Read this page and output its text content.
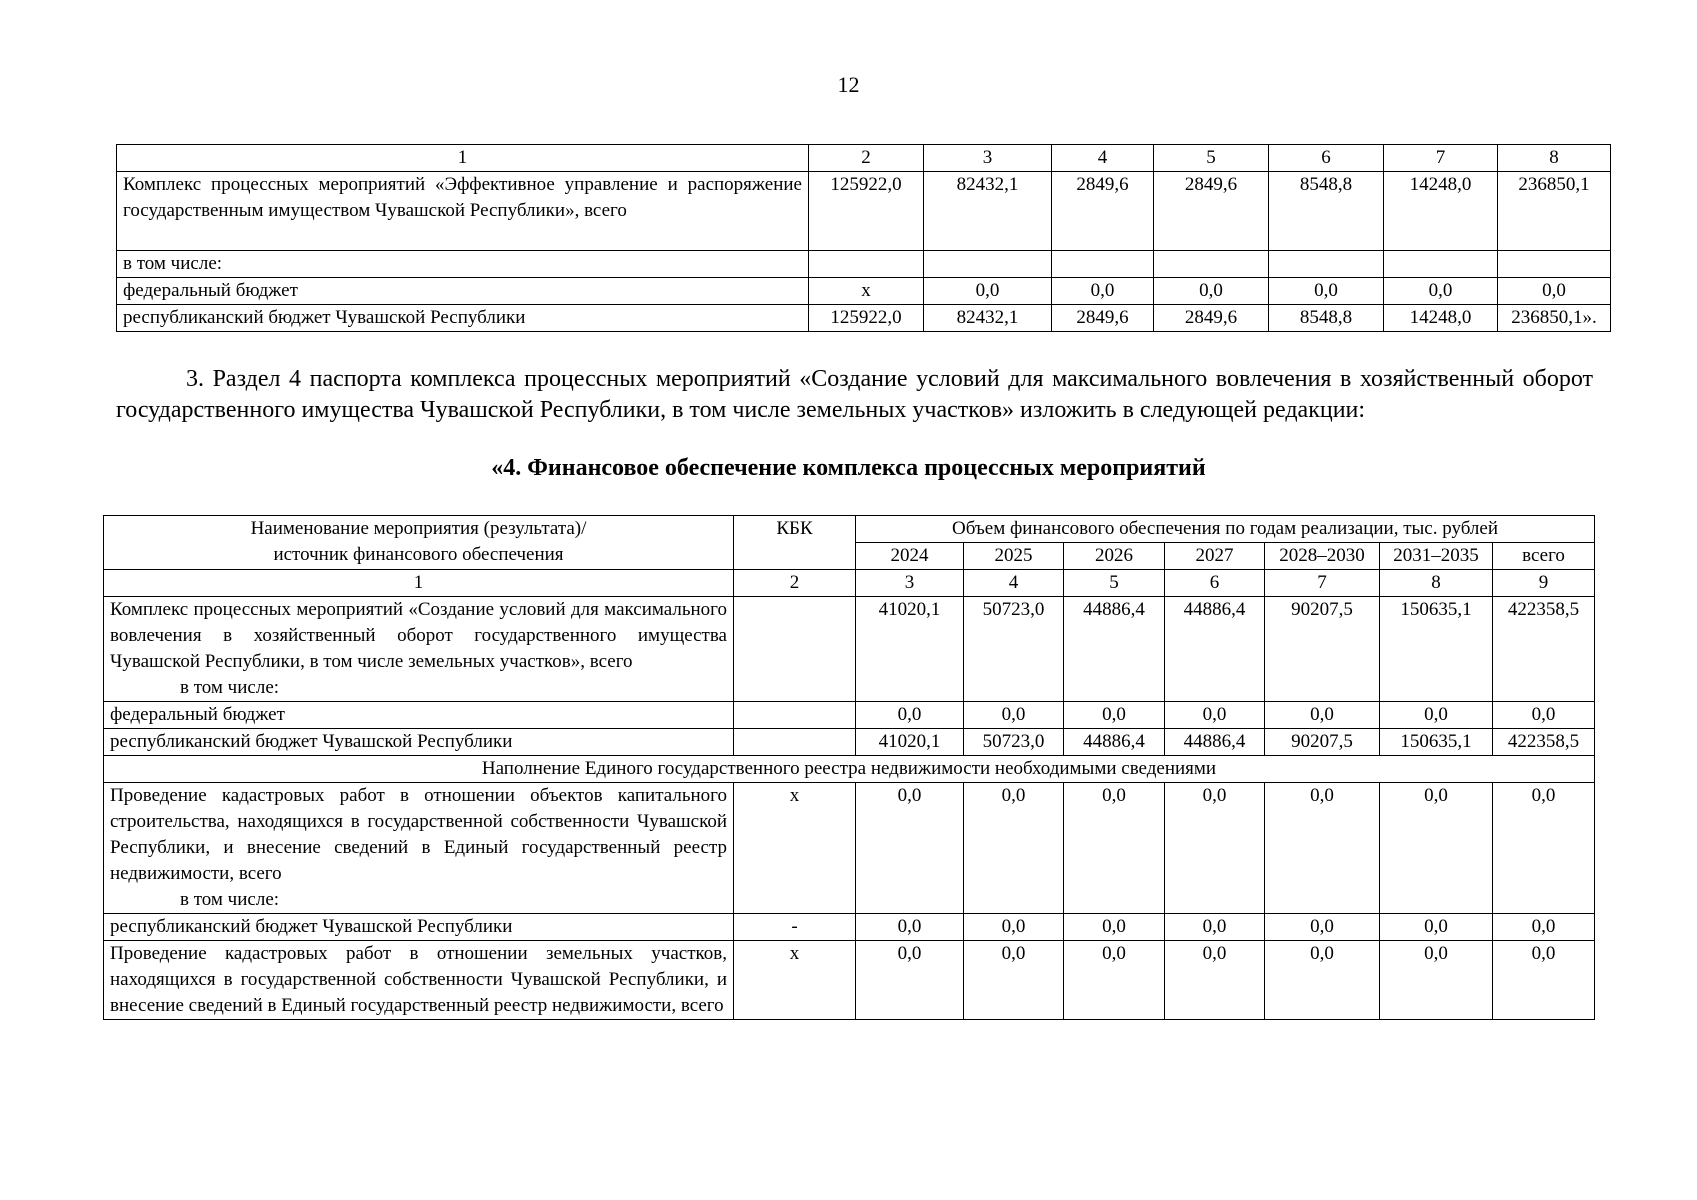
12
1	2	3	4	5	6	7	8
Комплекс процессных мероприятий «Эффективное управление и распоряжение государственным имуществом Чувашской Республики», всего	125922,0	82432,1	2849,6	2849,6	8548,8	14248,0	236850,1
в том числе:							
федеральный бюджет	х	0,0	0,0	0,0	0,0	0,0	0,0
республиканский бюджет Чувашской Республики	125922,0	82432,1	2849,6	2849,6	8548,8	14248,0	236850,1».

3. Раздел 4 паспорта комплекса процессных мероприятий «Создание условий для максимального вовлечения в хозяйственный оборот государственного имущества Чувашской Республики, в том числе земельных участков» изложить в следующей редакции:

«4. Финансовое обеспечение комплекса процессных мероприятий

Наименование мероприятия (результата)/
источник финансового обеспечения	КБК	Объем финансового обеспечения по годам реализации, тыс. рублей						
		2024	2025	2026	2027	2028–2030	2031–2035	всего
1	2	3	4	5	6	7	8	9

Комплекс процессных мероприятий «Создание условий для максимального вовлечения в хозяйственный оборот государственного имущества Чувашской Республики, в том числе земельных участков», всего
в том числе:		41020,1	50723,0	44886,4	44886,4	90207,5	150635,1	422358,5
федеральный бюджет		0,0	0,0	0,0	0,0	0,0	0,0	0,0
республиканский бюджет Чувашской Республики		41020,1	50723,0	44886,4	44886,4	90207,5	150635,1	422358,5
Наполнение Единого государственного реестра недвижимости необходимыми сведениями								

Проведение кадастровых работ в отношении объектов капитального строительства, находящихся в государственной собственности Чувашской Республики, и внесение сведений в Единый государственный реестр недвижимости, всего
в том числе:	х	0,0	0,0	0,0	0,0	0,0	0,0	0,0
республиканский бюджет Чувашской Республики	-	0,0	0,0	0,0	0,0	0,0	0,0	0,0
Проведение кадастровых работ в отношении земельных участков, находящихся в государственной собственности Чувашской Республики, и внесение сведений в Единый государственный реестр недвижимости, всего	х	0,0	0,0	0,0	0,0	0,0	0,0	0,0
